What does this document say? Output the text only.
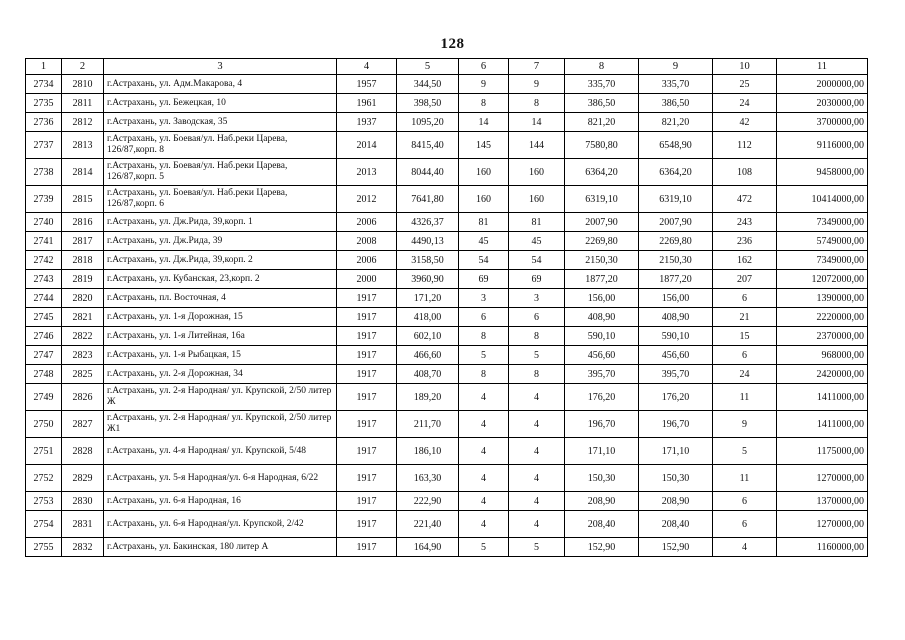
128
1	2	3	4	5	6	7	8	9	10	11
2734	2810	г.Астрахань, ул. Адм.Макарова, 4	1957	344,50	9	9	335,70	335,70	25	2000000,00
2735	2811	г.Астрахань, ул. Бежецкая, 10	1961	398,50	8	8	386,50	386,50	24	2030000,00
2736	2812	г.Астрахань, ул. Заводская, 35	1937	1095,20	14	14	821,20	821,20	42	3700000,00
2737	2813	г.Астрахань, ул. Боевая/ул. Наб.реки Царева, 126/87,корп. 8	2014	8415,40	145	144	7580,80	6548,90	112	9116000,00
2738	2814	г.Астрахань, ул. Боевая/ул. Наб.реки Царева, 126/87,корп. 5	2013	8044,40	160	160	6364,20	6364,20	108	9458000,00
2739	2815	г.Астрахань, ул. Боевая/ул. Наб.реки Царева, 126/87,корп. 6	2012	7641,80	160	160	6319,10	6319,10	472	10414000,00
2740	2816	г.Астрахань, ул. Дж.Рида, 39,корп. 1	2006	4326,37	81	81	2007,90	2007,90	243	7349000,00
2741	2817	г.Астрахань, ул. Дж.Рида, 39	2008	4490,13	45	45	2269,80	2269,80	236	5749000,00
2742	2818	г.Астрахань, ул. Дж.Рида, 39,корп. 2	2006	3158,50	54	54	2150,30	2150,30	162	7349000,00
2743	2819	г.Астрахань, ул. Кубанская, 23,корп. 2	2000	3960,90	69	69	1877,20	1877,20	207	12072000,00
2744	2820	г.Астрахань, пл. Восточная, 4	1917	171,20	3	3	156,00	156,00	6	1390000,00
2745	2821	г.Астрахань, ул. 1-я Дорожная, 15	1917	418,00	6	6	408,90	408,90	21	2220000,00
2746	2822	г.Астрахань, ул. 1-я Литейная, 16а	1917	602,10	8	8	590,10	590,10	15	2370000,00
2747	2823	г.Астрахань, ул. 1-я Рыбацкая, 15	1917	466,60	5	5	456,60	456,60	6	968000,00
2748	2825	г.Астрахань, ул. 2-я Дорожная, 34	1917	408,70	8	8	395,70	395,70	24	2420000,00
2749	2826	г.Астрахань, ул. 2-я Народная/ ул. Крупской, 2/50 литер Ж	1917	189,20	4	4	176,20	176,20	11	1411000,00
2750	2827	г.Астрахань, ул. 2-я Народная/ ул. Крупской, 2/50 литер Ж1	1917	211,70	4	4	196,70	196,70	9	1411000,00
2751	2828	г.Астрахань, ул. 4-я Народная/ ул. Крупской, 5/48	1917	186,10	4	4	171,10	171,10	5	1175000,00
2752	2829	г.Астрахань, ул. 5-я Народная/ул. 6-я Народная, 6/22	1917	163,30	4	4	150,30	150,30	11	1270000,00
2753	2830	г.Астрахань, ул. 6-я Народная, 16	1917	222,90	4	4	208,90	208,90	6	1370000,00
2754	2831	г.Астрахань, ул. 6-я Народная/ул. Крупской, 2/42	1917	221,40	4	4	208,40	208,40	6	1270000,00
2755	2832	г.Астрахань, ул. Бакинская, 180 литер А	1917	164,90	5	5	152,90	152,90	4	1160000,00
